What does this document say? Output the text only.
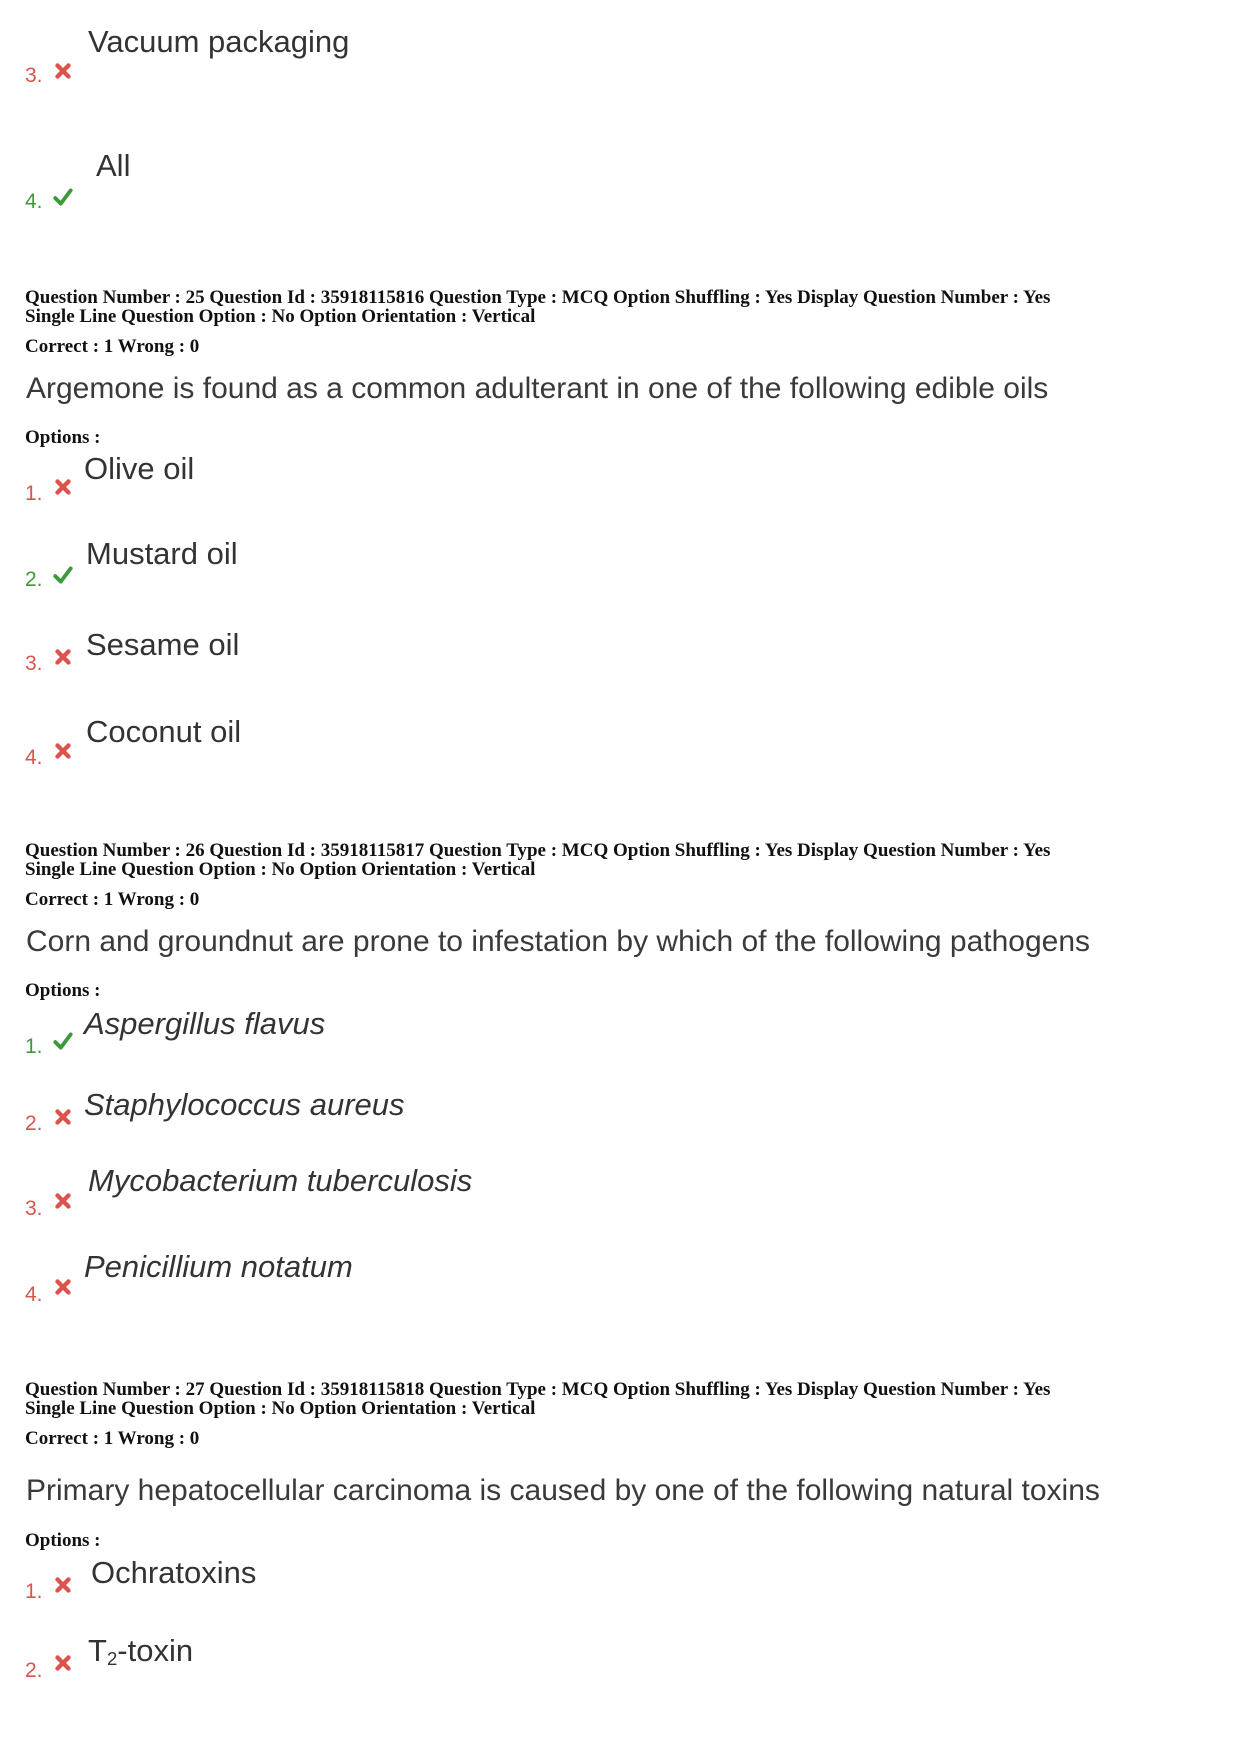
3.
Vacuum packaging
4.
All
Question Number : 25 Question Id : 35918115816 Question Type : MCQ Option Shuffling : Yes Display Question Number : Yes
Single Line Question Option : No Option Orientation : Vertical
Correct : 1 Wrong : 0
Argemone is found as a common adulterant in one of the following edible oils
Options :
1.
Olive oil
2.
Mustard oil
3.
Sesame oil
4.
Coconut oil
Question Number : 26 Question Id : 35918115817 Question Type : MCQ Option Shuffling : Yes Display Question Number : Yes
Single Line Question Option : No Option Orientation : Vertical
Correct : 1 Wrong : 0
Corn and groundnut are prone to infestation by which of the following pathogens
Options :
1.
Aspergillus flavus
2.
Staphylococcus aureus
3.
Mycobacterium tuberculosis
4.
Penicillium notatum
Question Number : 27 Question Id : 35918115818 Question Type : MCQ Option Shuffling : Yes Display Question Number : Yes
Single Line Question Option : No Option Orientation : Vertical
Correct : 1 Wrong : 0
Primary hepatocellular carcinoma is caused by one of the following natural toxins
Options :
1.
Ochratoxins
2.
$T_2$-toxin
